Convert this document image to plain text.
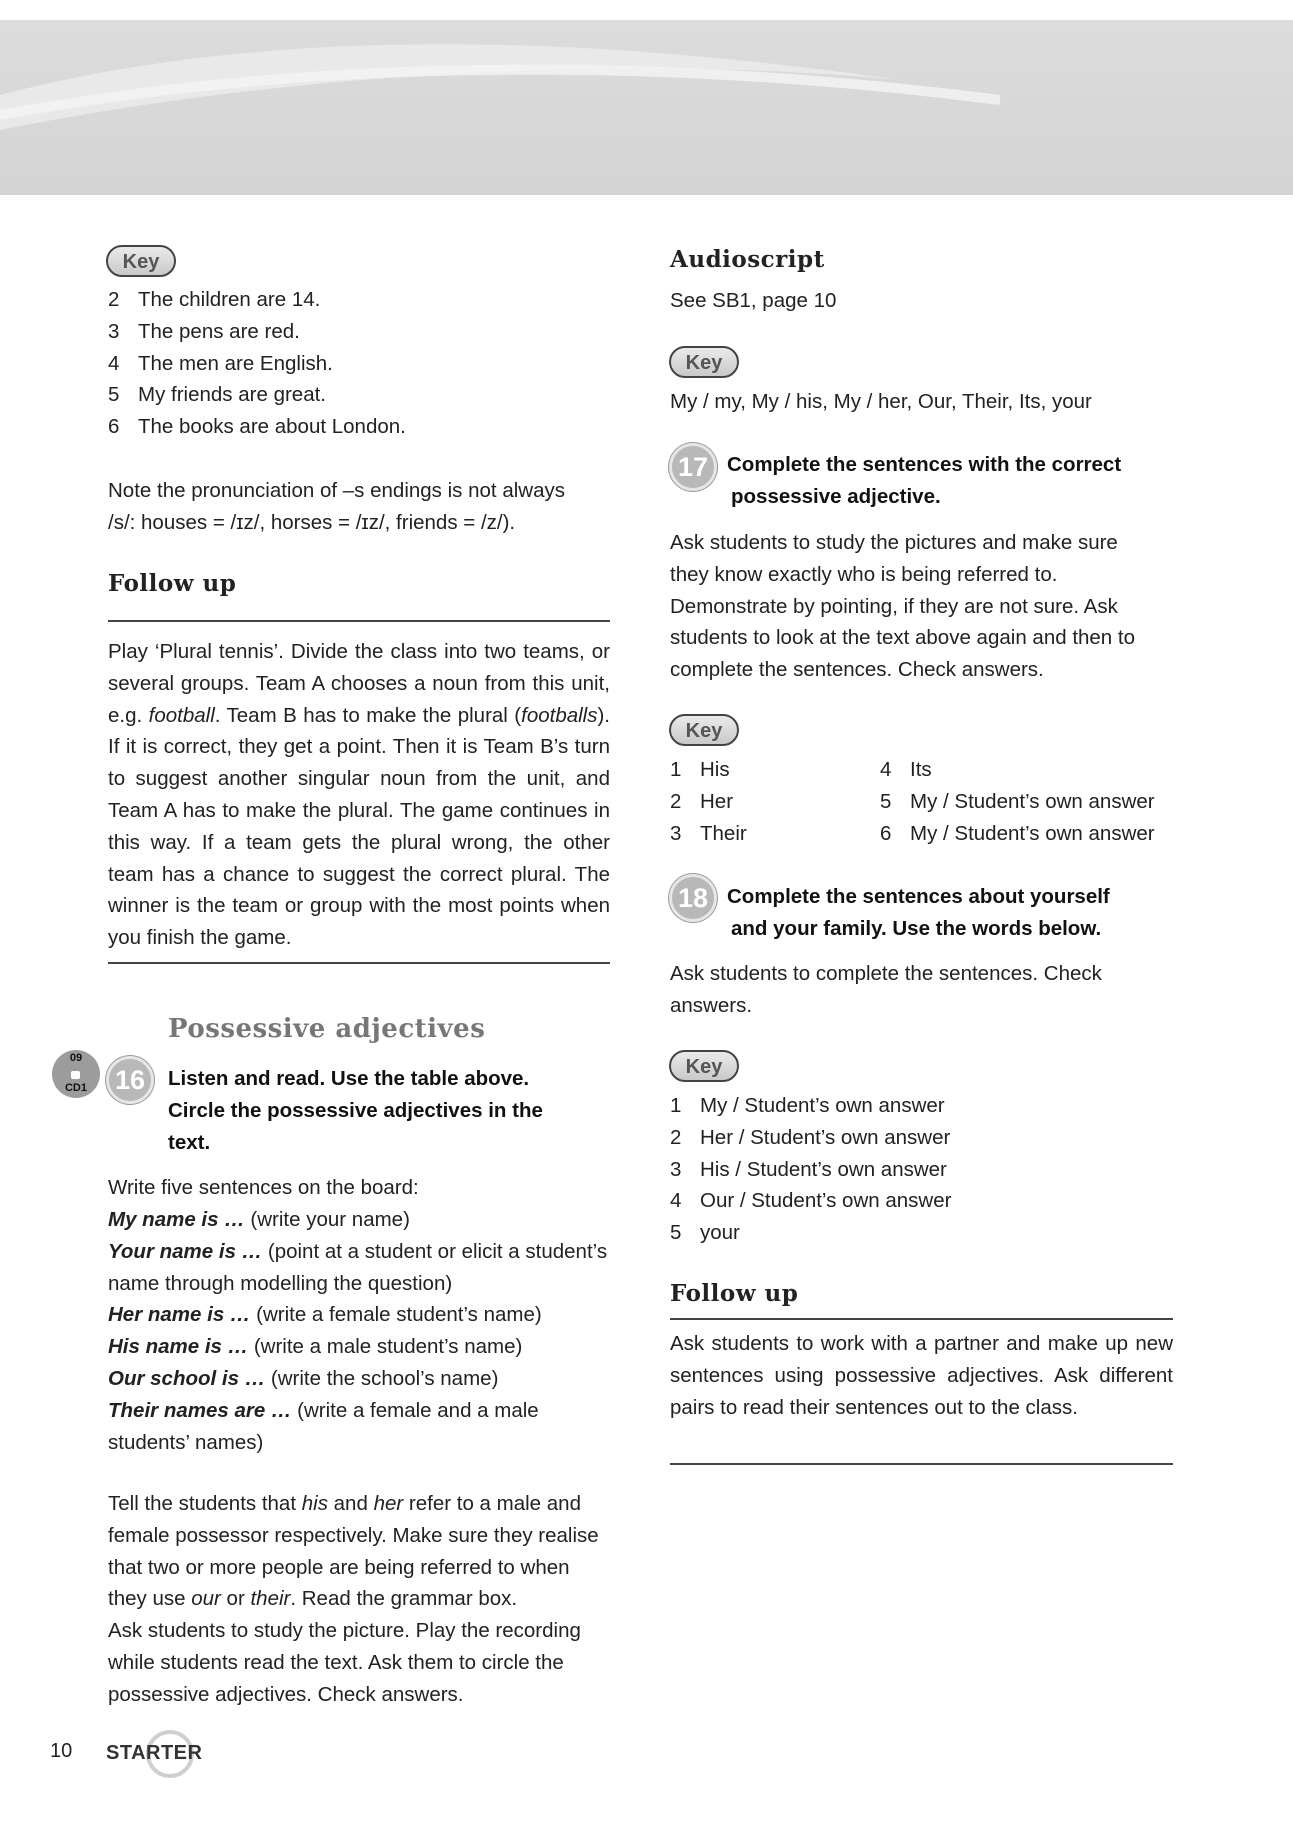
Key
2 The children are 14.
3 The pens are red.
4 The men are English.
5 My friends are great.
6 The books are about London.

Note the pronunciation of –s endings is not always
/s/: houses = /ɪz/, horses = /ɪz/, friends = /z/).

Follow up

Play ‘Plural tennis’. Divide the class into two teams, or several groups. Team A chooses a noun from this unit, e.g. football. Team B has to make the plural (footballs). If it is correct, they get a point. Then it is Team B’s turn to suggest another singular noun from the unit, and Team A has to make the plural. The game continues in this way. If a team gets the plural wrong, the other team has a chance to suggest the correct plural. The winner is the team or group with the most points when you finish the game.

Possessive adjectives
09
CD1	16	Listen and read. Use the table above. Circle the possessive adjectives in the text.

Write five sentences on the board:

My name is … (write your name)
Your name is … (point at a student or elicit a student’s name through modelling the question)
Her name is … (write a female student’s name)
His name is … (write a male student’s name)
Our school is … (write the school’s name)
Their names are … (write a female and a male students’ names)

Tell the students that his and her refer to a male and female possessor respectively. Make sure they realise that two or more people are being referred to when they use our or their. Read the grammar box.
Ask students to study the picture. Play the recording while students read the text. Ask them to circle the possessive adjectives. Check answers.

Audioscript

See SB1, page 10

Key

My / my, My / his, My / her, Our, Their, Its, your

17 Complete the sentences with the correct
possessive adjective.

Ask students to study the pictures and make sure they know exactly who is being referred to. Demonstrate by pointing, if they are not sure. Ask students to look at the text above again and then to complete the sentences. Check answers.

Key
1 His	4 Its
2 Her	5 My / Student’s own answer
3 Their	6 My / Student’s own answer
18 Complete the sentences about yourself
and your family. Use the words below.

Ask students to complete the sentences. Check answers.

Key
1 My / Student’s own answer
2 Her / Student’s own answer
3 His / Student’s own answer
4 Our / Student’s own answer
5 your
Follow up

Ask students to work with a partner and make up new sentences using possessive adjectives. Ask different pairs to read their sentences out to the class.

10 STARTER
